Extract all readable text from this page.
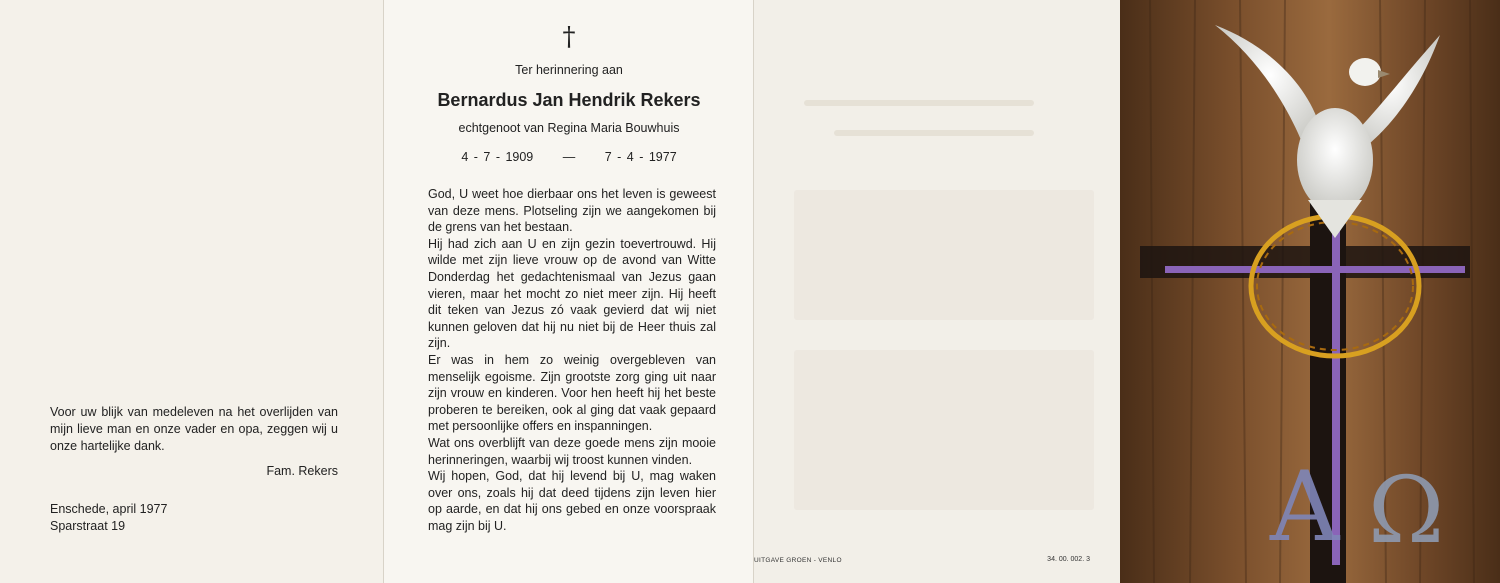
Voor uw blijk van medeleven na het overlijden van mijn lieve man en onze vader en opa, zeggen wij u onze hartelijke dank.
Fam. Rekers
Enschede, april 1977
Sparstraat 19
†
Ter herinnering aan
Bernardus Jan Hendrik Rekers
echtgenoot van Regina Maria Bouwhuis
4 - 7 - 1909 — 7 - 4 - 1977

God, U weet hoe dierbaar ons het leven is geweest van deze mens. Plotseling zijn we aangekomen bij de grens van het bestaan.

Hij had zich aan U en zijn gezin toevertrouwd. Hij wilde met zijn lieve vrouw op de avond van Witte Donderdag het gedachtenismaal van Jezus gaan vieren, maar het mocht zo niet meer zijn. Hij heeft dit teken van Jezus zó vaak gevierd dat wij niet kunnen geloven dat hij nu niet bij de Heer thuis zal zijn.

Er was in hem zo weinig overgebleven van menselijk egoisme. Zijn grootste zorg ging uit naar zijn vrouw en kinderen. Voor hen heeft hij het beste proberen te bereiken, ook al ging dat vaak gepaard met persoonlijke offers en inspanningen.

Wat ons overblijft van deze goede mens zijn mooie herinneringen, waarbij wij troost kunnen vinden.

Wij hopen, God, dat hij levend bij U, mag waken over ons, zoals hij dat deed tijdens zijn leven hier op aarde, en dat hij ons gebed en onze voorspraak mag zijn bij U.

UITGAVE GROEN - VENLO	34. 00. 002. 3 A Ω
